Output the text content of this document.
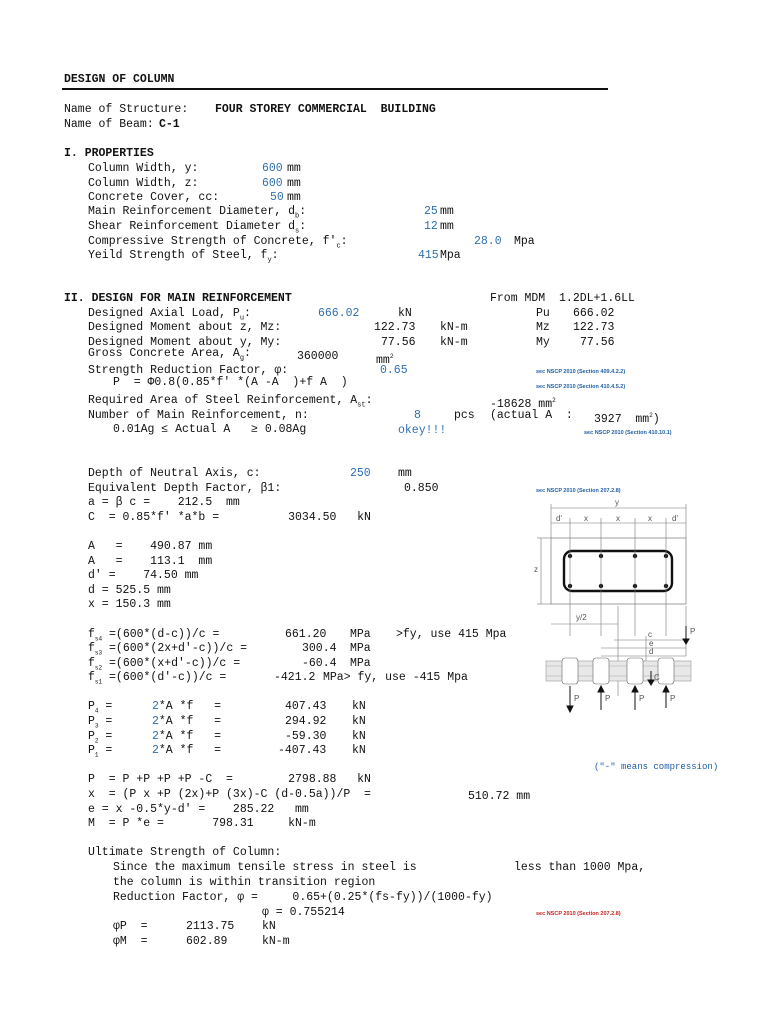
DESIGN OF COLUMN
Name of Structure: FOUR STOREY COMMERCIAL  BUILDING
Name of Beam: C-1
I. PROPERTIES
Column Width, y:	600 mm
Column Width, z:	600 mm
Concrete Cover, cc:	50 mm
Main Reinforcement Diameter, $d_b$:	25 mm
Shear Reinforcement Diameter $d_s$:	12 mm
Compressive Strength of Concrete, $f'_c$:	28.0 Mpa
Yeild Strength of Steel, $f_y$:	415 Mpa
II. DESIGN FOR MAIN REINFORCEMENT	From MDM  1.2DL+1.6LL
Pu 666.02
Mz 122.73
My	77.56
Designed Axial Load, $P_u$:	666.02	kN
Designed Moment about z, Mz:	122.73 kN-m
Designed Moment about y, My:	77.56 kN-m
Gross Concrete Area, $A_g$:	360000	$mm^2$
Strength Reduction Factor, φ:	0.65	sec NSCP 2010 (Section 409.4.2.2)
P  = Φ0.8(0.85*f' *(A -A  )+f A  )	sec NSCP 2010 (Section 410.4.5.2)
Required Area of Steel Reinforcement, $A_{st}$:	-18628 $mm^2$
Number of Main Reinforcement, n:	8	pcs (actual A  : 3927  $mm^2$)
0.01Ag ≤ Actual A   ≥ 0.08Ag	okey!!!	sec NSCP 2010 (Section 410.10.1)
Depth of Neutral Axis, c:	250 mm
Equivalent Depth Factor, β1:	0.850	sec NSCP 2010 (Section 207.2.8)
a = β c =    212.5  mm
C  = 0.85*f' *a*b =          3034.50   kN
A   =    490.87 mm
A   =    113.1  mm
d' =    74.50 mm
d = 525.5 mm
x = 150.3 mm
$f_{s4} =(600*(d-c))/c$ =	661.20 MPa >fy, use 415 Mpa
$f_{s3} =(600*(2x+d'-c))/c$ =	300.4 MPa
$f_{s2} =(600*(x+d'-c))/c$ =	-60.4 MPa
$f_{s1} =(600*(d'-c))/c$ =	-421.2 MPa> fy, use -415 Mpa
$P_4$ =	2*A *f   =	407.43 kN
$P_3$ =	2*A *f   =	294.92 kN
$P_2$ =	2*A *f   =	-59.30 kN
$P_1$ =	2*A *f   =	-407.43 kN
("-" means compression)
P  = P +P +P +P -C  =        2798.88   kN
x  = (P x +P (2x)+P (3x)-C (d-0.5a))/P  =	510.72 mm
e = x -0.5*y-d' =    285.22   mm
M  = P *e =       798.31     kN-m
Ultimate Strength of Column:
Since the maximum tensile stress in steel is	less than 1000 Mpa,
the column is within transition region
Reduction Factor, φ =     0.65+(0.25*(fs-fy))/(1000-fy)
φ = 0.755214	sec NSCP 2010 (Section 207.2.8)
φP  =	2113.75 kN
φM  =	602.89	kN-m
y
d'	x	x	x	d'
z
y/2
c
e
d
P	P	P	P
P
C
